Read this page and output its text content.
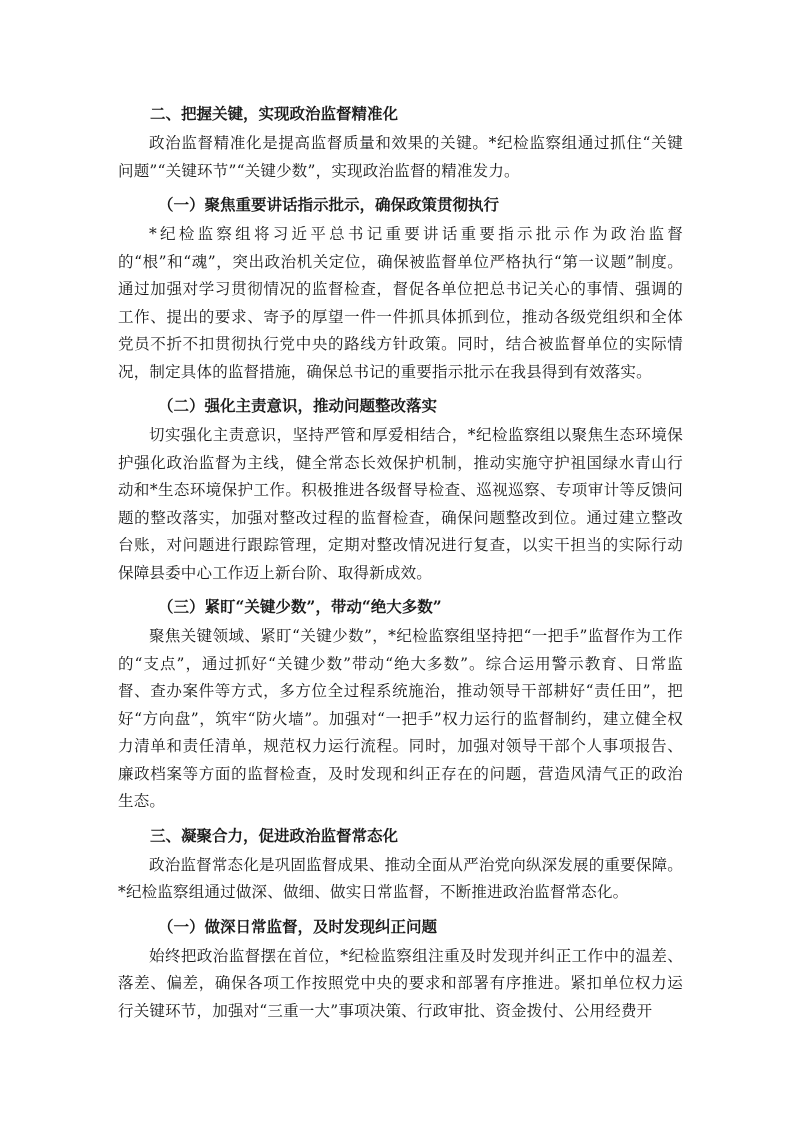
二、把握关键，实现政治监督精准化

政治监督精准化是提高监督质量和效果的关键。*纪检监察组通过抓住“关键问题”“关键环节”“关键少数”，实现政治监督的精准发力。

（一）聚焦重要讲话指示批示，确保政策贯彻执行

*纪检监察组将习近平总书记重要讲话重要指示批示作为政治监督的“根”和“魂”，突出政治机关定位，确保被监督单位严格执行“第一议题”制度。通过加强对学习贯彻情况的监督检查，督促各单位把总书记关心的事情、强调的工作、提出的要求、寄予的厚望一件一件抓具体抓到位，推动各级党组织和全体党员不折不扣贯彻执行党中央的路线方针政策。同时，结合被监督单位的实际情况，制定具体的监督措施，确保总书记的重要指示批示在我县得到有效落实。

（二）强化主责意识，推动问题整改落实

切实强化主责意识，坚持严管和厚爱相结合，*纪检监察组以聚焦生态环境保护强化政治监督为主线，健全常态长效保护机制，推动实施守护祖国绿水青山行动和*生态环境保护工作。积极推进各级督导检查、巡视巡察、专项审计等反馈问题的整改落实，加强对整改过程的监督检查，确保问题整改到位。通过建立整改台账，对问题进行跟踪管理，定期对整改情况进行复查，以实干担当的实际行动保障县委中心工作迈上新台阶、取得新成效。

（三）紧盯“关键少数”，带动“绝大多数”

聚焦关键领域、紧盯“关键少数”，*纪检监察组坚持把“一把手”监督作为工作的“支点”，通过抓好“关键少数”带动“绝大多数”。综合运用警示教育、日常监督、查办案件等方式，多方位全过程系统施治，推动领导干部耕好“责任田”，把好“方向盘”，筑牢“防火墙”。加强对“一把手”权力运行的监督制约，建立健全权力清单和责任清单，规范权力运行流程。同时，加强对领导干部个人事项报告、廉政档案等方面的监督检查，及时发现和纠正存在的问题，营造风清气正的政治生态。

三、凝聚合力，促进政治监督常态化

政治监督常态化是巩固监督成果、推动全面从严治党向纵深发展的重要保障。*纪检监察组通过做深、做细、做实日常监督，不断推进政治监督常态化。

（一）做深日常监督，及时发现纠正问题

始终把政治监督摆在首位，*纪检监察组注重及时发现并纠正工作中的温差、落差、偏差，确保各项工作按照党中央的要求和部署有序推进。紧扣单位权力运行关键环节，加强对“三重一大”事项决策、行政审批、资金拨付、公用经费开
